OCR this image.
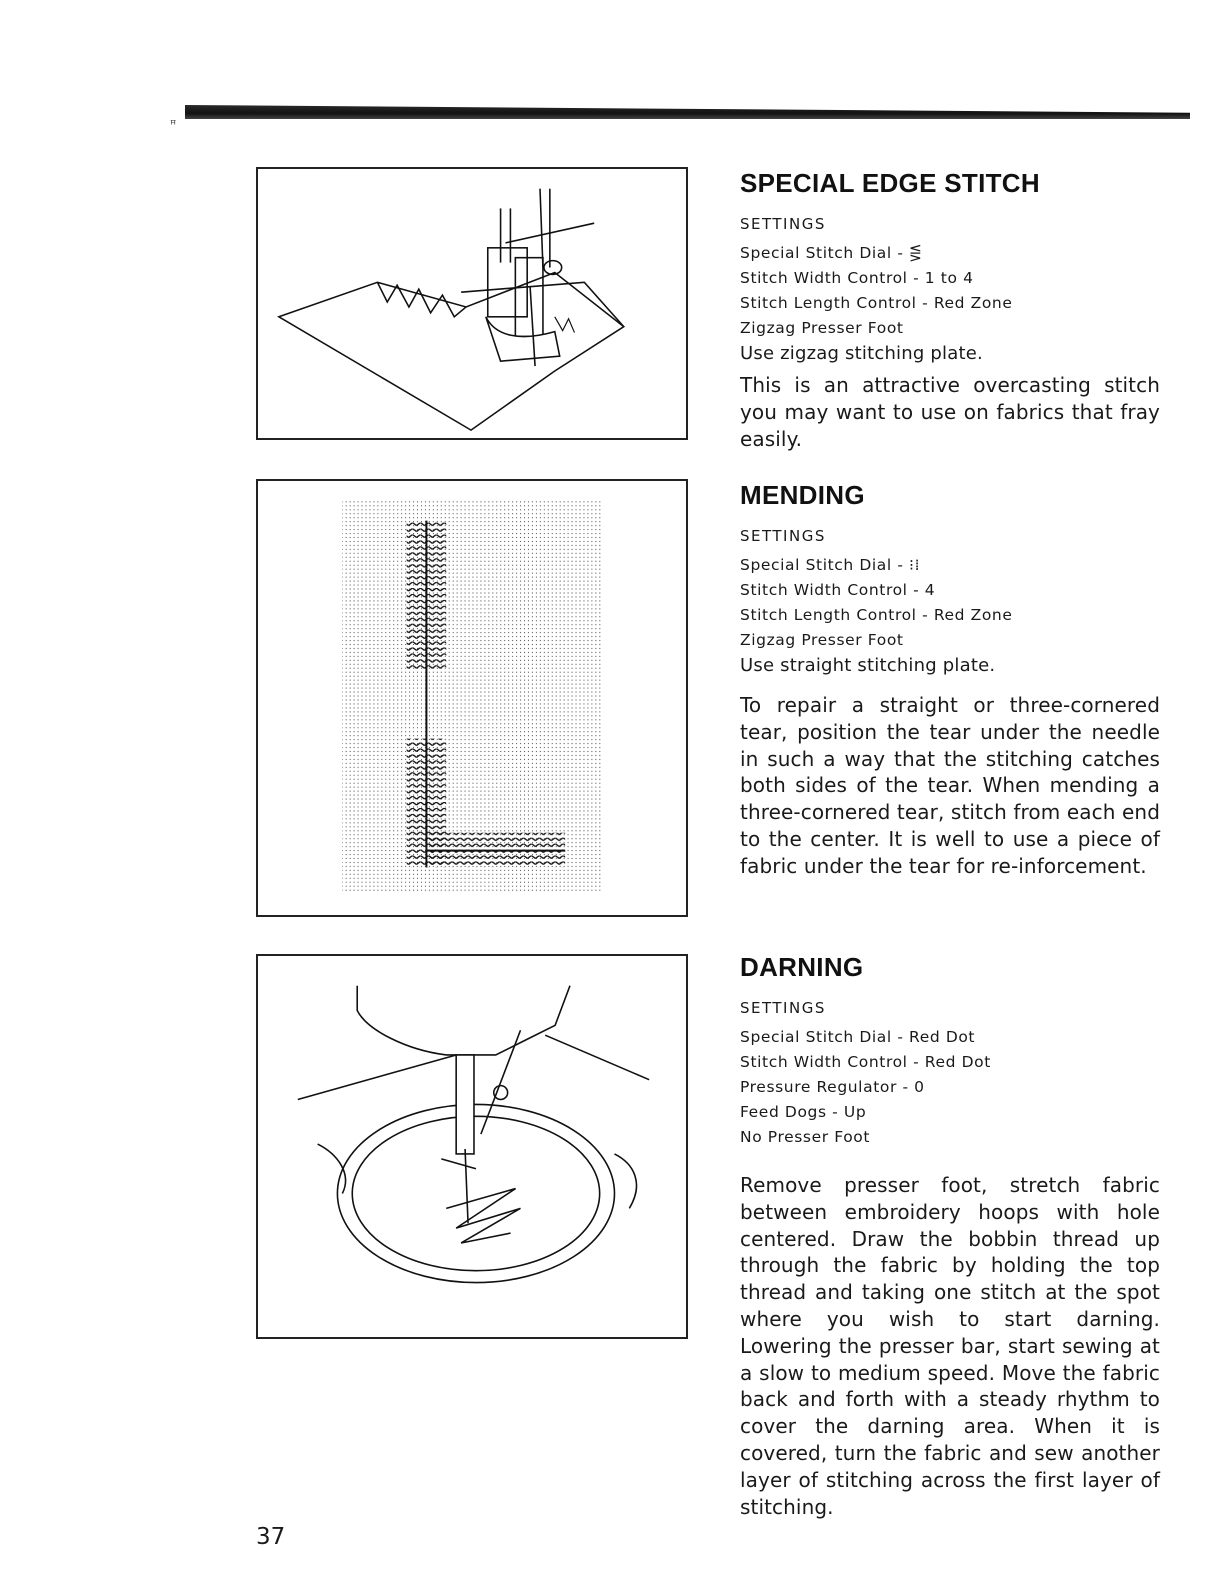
ꟸ
SPECIAL EDGE STITCH
SETTINGS
Special Stitch Dial - ⋚
Stitch Width Control - 1 to 4
Stitch Length Control - Red Zone
Zigzag Presser Foot
Use zigzag stitching plate.

This is an attractive overcasting stitch you may want to use on fabrics that fray easily.

MENDING
SETTINGS
Special Stitch Dial - ⁝⁞
Stitch Width Control - 4
Stitch Length Control - Red Zone
Zigzag Presser Foot
Use straight stitching plate.

To repair a straight or three-cornered tear, position the tear under the needle in such a way that the stitching catches both sides of the tear. When mending a three-cornered tear, stitch from each end to the center. It is well to use a piece of fabric under the tear for re-inforcement.

DARNING
SETTINGS
Special Stitch Dial - Red Dot
Stitch Width Control - Red Dot
Pressure Regulator - 0
Feed Dogs - Up
No Presser Foot

Remove presser foot, stretch fabric between embroidery hoops with hole centered. Draw the bobbin thread up through the fabric by holding the top thread and taking one stitch at the spot where you wish to start darning. Lowering the presser bar, start sewing at a slow to medium speed. Move the fabric back and forth with a steady rhythm to cover the darning area. When it is covered, turn the fabric and sew another layer of stitching across the first layer of stitching.

37
